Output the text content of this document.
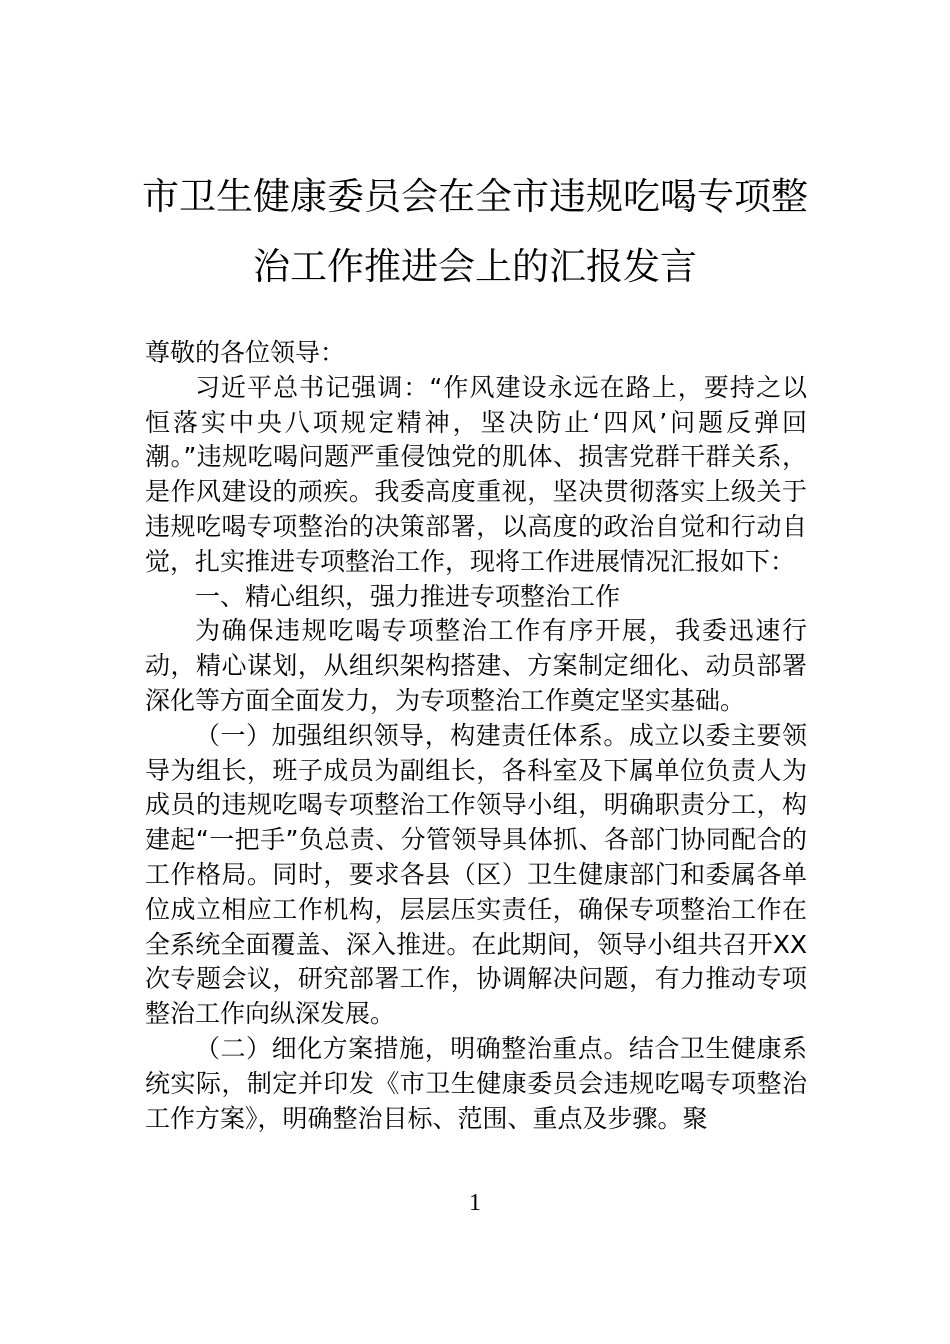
市卫生健康委员会在全市违规吃喝专项整
治工作推进会上的汇报发言

尊敬的各位领导：

习近平总书记强调：“作风建设永远在路上，要持之以恒落实中央八项规定精神，坚决防止‘四风’问题反弹回潮。”违规吃喝问题严重侵蚀党的肌体、损害党群干群关系，是作风建设的顽疾。我委高度重视，坚决贯彻落实上级关于违规吃喝专项整治的决策部署，以高度的政治自觉和行动自觉，扎实推进专项整治工作，现将工作进展情况汇报如下：

一、精心组织，强力推进专项整治工作

为确保违规吃喝专项整治工作有序开展，我委迅速行动，精心谋划，从组织架构搭建、方案制定细化、动员部署深化等方面全面发力，为专项整治工作奠定坚实基础。

（一）加强组织领导，构建责任体系。成立以委主要领导为组长，班子成员为副组长，各科室及下属单位负责人为成员的违规吃喝专项整治工作领导小组，明确职责分工，构建起“一把手”负总责、分管领导具体抓、各部门协同配合的工作格局。同时，要求各县（区）卫生健康部门和委属各单位成立相应工作机构，层层压实责任，确保专项整治工作在全系统全面覆盖、深入推进。在此期间，领导小组共召开XX次专题会议，研究部署工作，协调解决问题，有力推动专项整治工作向纵深发展。

（二）细化方案措施，明确整治重点。结合卫生健康系统实际，制定并印发《市卫生健康委员会违规吃喝专项整治工作方案》，明确整治目标、范围、重点及步骤。聚

1
